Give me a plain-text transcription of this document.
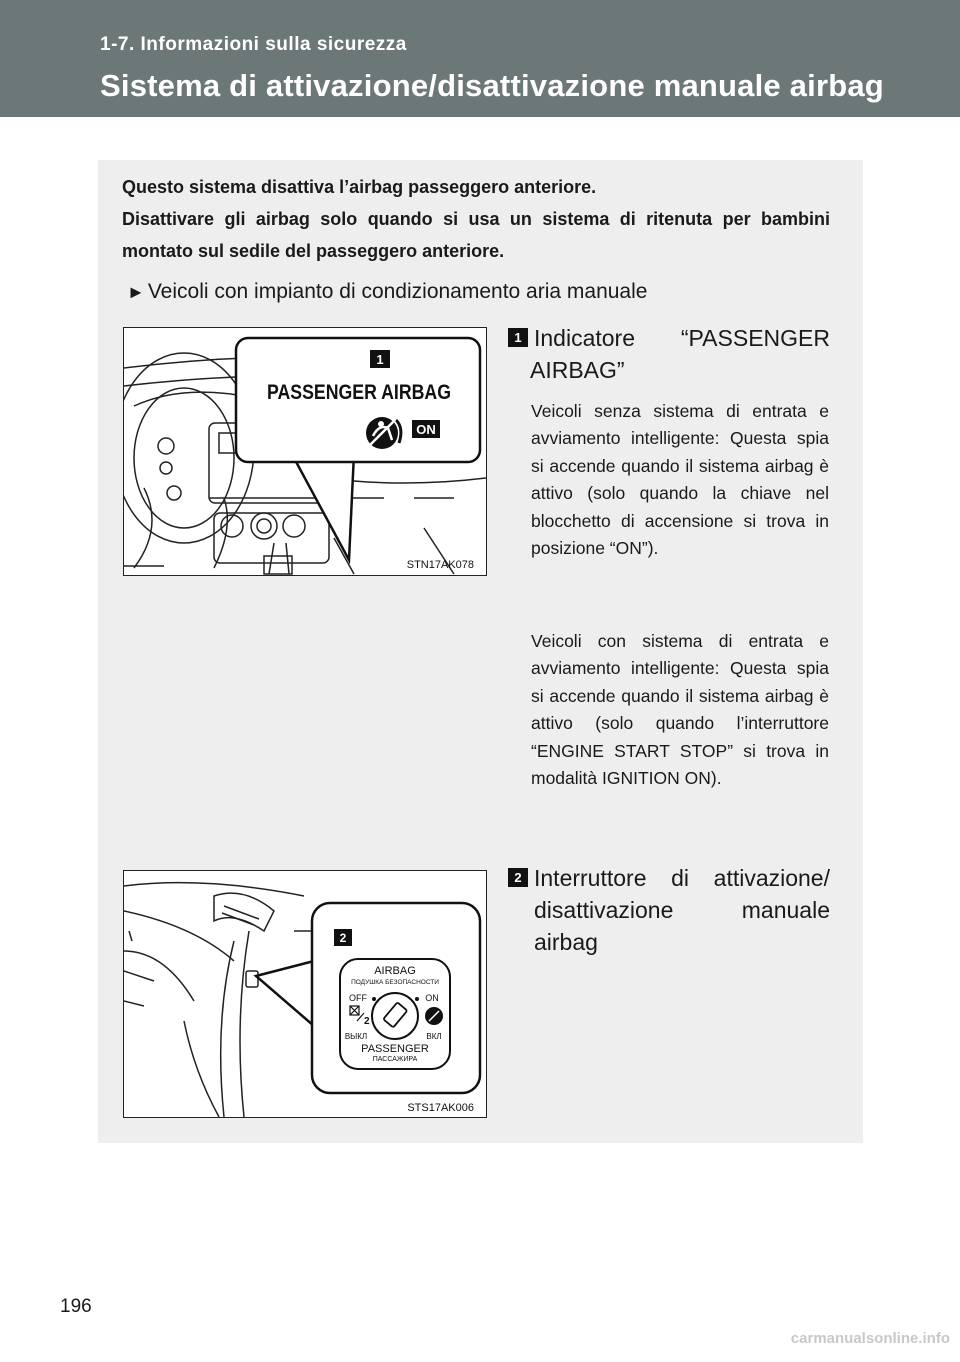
1-7. Informazioni sulla sicurezza
Sistema di attivazione/disattivazione manuale airbag

Questo sistema disattiva l’airbag passeggero anteriore.

Disattivare gli airbag solo quando si usa un sistema di ritenuta per bambini montato sul sedile del passeggero anteriore.

► Veicoli con impianto di condizionamento aria manuale
1
PASSENGER AIRBAG
ON
STN17AK078
1 Indicatore “PASSENGER
AIRBAG”

Veicoli senza sistema di entrata e avviamento intelligente: Questa spia si accende quando il sistema airbag è attivo (solo quando la chiave nel blocchetto di accensione si trova in posizione “ON”).

Veicoli con sistema di entrata e avviamento intelligente: Questa spia si accende quando il sistema airbag è attivo (solo quando l’interruttore “ENGINE START STOP” si trova in modalità IGNITION ON).

2
AIRBAG
ПОДУШКА БЕЗОПАСНОСТИ
OFF	ON
2
ВЫКЛ	ВКЛ
PASSENGER
ПАССАЖИРА
STS17AK006
2 Interruttore di attivazione/ disattivazione manuale airbag
196
carmanualsonline.info
